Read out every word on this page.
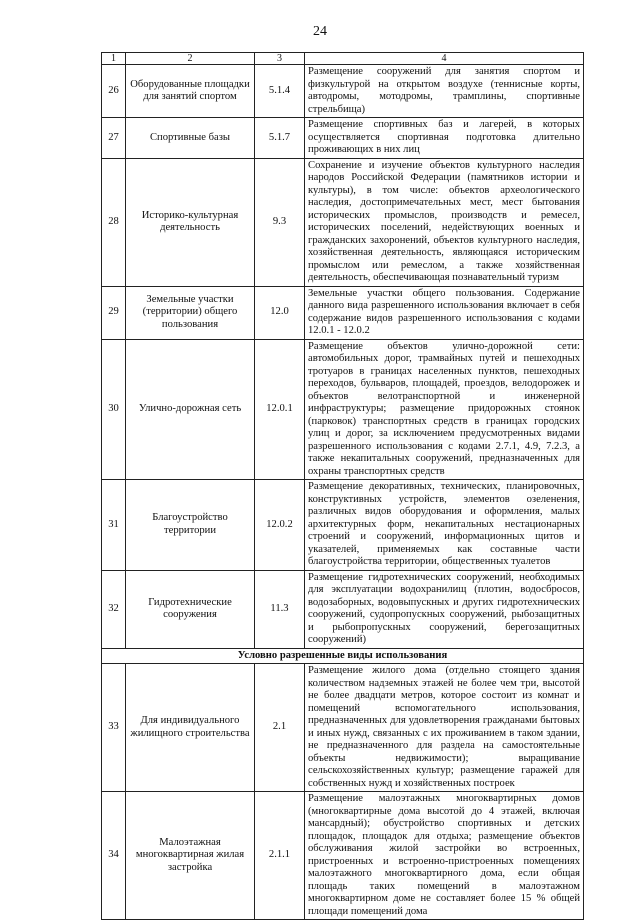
24
1	2	3	4
26	Оборудованные площадки для занятий спортом	5.1.4	Размещение сооружений для занятия спортом и физкультурой на открытом воздухе (теннисные корты, автодромы, мотодромы, трамплины, спортивные стрельбища)
27	Спортивные базы	5.1.7	Размещение спортивных баз и лагерей, в которых осуществляется спортивная подготовка длительно проживающих в них лиц
28	Историко-культурная деятельность	9.3	Сохранение и изучение объектов культурного наследия народов Российской Федерации (памятников истории и культуры), в том числе: объектов археологического наследия, достопримечательных мест, мест бытования исторических промыслов, производств и ремесел, исторических поселений, недействующих военных и гражданских захоронений, объектов культурного наследия, хозяйственная деятельность, являющаяся историческим промыслом или ремеслом, а также хозяйственная деятельность, обеспечивающая познавательный туризм
29	Земельные участки (территории) общего пользования	12.0	Земельные участки общего пользования. Содержание данного вида разрешенного использования включает в себя содержание видов разрешенного использования с кодами 12.0.1 - 12.0.2
30	Улично-дорожная сеть	12.0.1	Размещение объектов улично-дорожной сети: автомобильных дорог, трамвайных путей и пешеходных тротуаров в границах населенных пунктов, пешеходных переходов, бульваров, площадей, проездов, велодорожек и объектов велотранспортной и инженерной инфраструктуры; размещение придорожных стоянок (парковок) транспортных средств в границах городских улиц и дорог, за исключением предусмотренных видами разрешенного использования с кодами 2.7.1, 4.9, 7.2.3, а также некапитальных сооружений, предназначенных для охраны транспортных средств
31	Благоустройство территории	12.0.2	Размещение декоративных, технических, планировочных, конструктивных устройств, элементов озеленения, различных видов оборудования и оформления, малых архитектурных форм, некапитальных нестационарных строений и сооружений, информационных щитов и указателей, применяемых как составные части благоустройства территории, общественных туалетов
32	Гидротехнические сооружения	11.3	Размещение гидротехнических сооружений, необходимых для эксплуатации водохранилищ (плотин, водосбросов, водозаборных, водовыпускных и других гидротехнических сооружений, судопропускных сооружений, рыбозащитных и рыбопропускных сооружений, берегозащитных сооружений)
Условно разрешенные виды использования			
33	Для индивидуального жилищного строительства	2.1	Размещение жилого дома (отдельно стоящего здания количеством надземных этажей не более чем три, высотой не более двадцати метров, которое состоит из комнат и помещений вспомогательного использования, предназначенных для удовлетворения гражданами бытовых и иных нужд, связанных с их проживанием в таком здании, не предназначенного для раздела на самостоятельные объекты недвижимости); выращивание сельскохозяйственных культур; размещение гаражей для собственных нужд и хозяйственных построек
34	Малоэтажная многоквартирная жилая застройка	2.1.1	Размещение малоэтажных многоквартирных домов (многоквартирные дома высотой до 4 этажей, включая мансардный); обустройство спортивных и детских площадок, площадок для отдыха; размещение объектов обслуживания жилой застройки во встроенных, пристроенных и встроенно-пристроенных помещениях малоэтажного многоквартирного дома, если общая площадь таких помещений в малоэтажном многоквартирном доме не составляет более 15 % общей площади помещений дома
